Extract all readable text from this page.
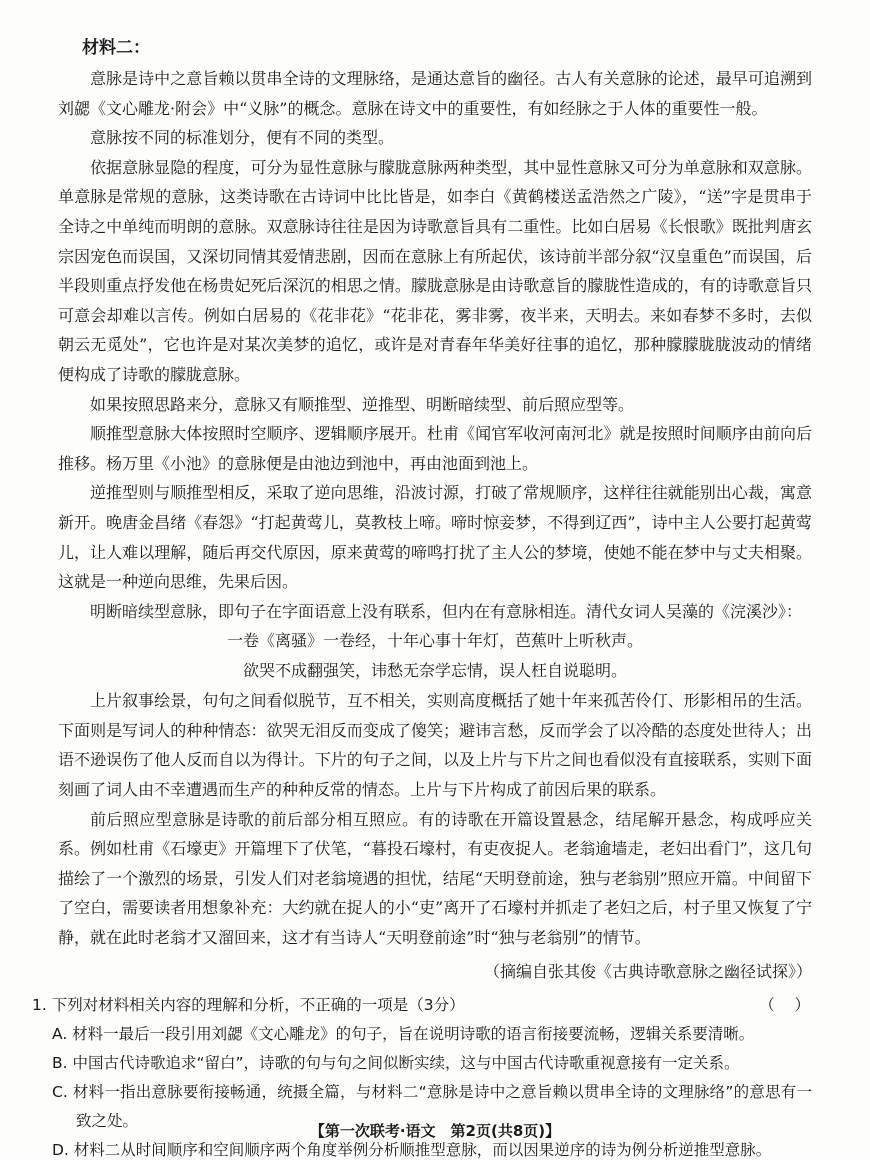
材料二：

意脉是诗中之意旨赖以贯串全诗的文理脉络，是通达意旨的幽径。古人有关意脉的论述，最早可追溯到刘勰《文心雕龙·附会》中“义脉”的概念。意脉在诗文中的重要性，有如经脉之于人体的重要性一般。

意脉按不同的标准划分，便有不同的类型。

依据意脉显隐的程度，可分为显性意脉与朦胧意脉两种类型，其中显性意脉又可分为单意脉和双意脉。单意脉是常规的意脉，这类诗歌在古诗词中比比皆是，如李白《黄鹤楼送孟浩然之广陵》，“送”字是贯串于全诗之中单纯而明朗的意脉。双意脉诗往往是因为诗歌意旨具有二重性。比如白居易《长恨歌》既批判唐玄宗因宠色而误国，又深切同情其爱情悲剧，因而在意脉上有所起伏，该诗前半部分叙“汉皇重色”而误国，后半段则重点抒发他在杨贵妃死后深沉的相思之情。朦胧意脉是由诗歌意旨的朦胧性造成的，有的诗歌意旨只可意会却难以言传。例如白居易的《花非花》“花非花，雾非雾，夜半来，天明去。来如春梦不多时，去似朝云无觅处”，它也许是对某次美梦的追忆，或许是对青春年华美好往事的追忆，那种朦朦胧胧波动的情绪便构成了诗歌的朦胧意脉。

如果按照思路来分，意脉又有顺推型、逆推型、明断暗续型、前后照应型等。

顺推型意脉大体按照时空顺序、逻辑顺序展开。杜甫《闻官军收河南河北》就是按照时间顺序由前向后推移。杨万里《小池》的意脉便是由池边到池中，再由池面到池上。

逆推型则与顺推型相反，采取了逆向思维，沿波讨源，打破了常规顺序，这样往往就能别出心裁，寓意新开。晚唐金昌绪《春怨》“打起黄莺儿，莫教枝上啼。啼时惊妾梦，不得到辽西”，诗中主人公要打起黄莺儿，让人难以理解，随后再交代原因，原来黄莺的啼鸣打扰了主人公的梦境，使她不能在梦中与丈夫相聚。这就是一种逆向思维，先果后因。

明断暗续型意脉，即句子在字面语意上没有联系，但内在有意脉相连。清代女词人吴藻的《浣溪沙》：

一卷《离骚》一卷经，十年心事十年灯，芭蕉叶上听秋声。

欲哭不成翻强笑，讳愁无奈学忘情，误人枉自说聪明。

上片叙事绘景，句句之间看似脱节，互不相关，实则高度概括了她十年来孤苦伶仃、形影相吊的生活。下面则是写词人的种种情态：欲哭无泪反而变成了傻笑；避讳言愁，反而学会了以冷酷的态度处世待人；出语不逊误伤了他人反而自以为得计。下片的句子之间，以及上片与下片之间也看似没有直接联系，实则下面刻画了词人由不幸遭遇而生产的种种反常的情态。上片与下片构成了前因后果的联系。

前后照应型意脉是诗歌的前后部分相互照应。有的诗歌在开篇设置悬念，结尾解开悬念，构成呼应关系。例如杜甫《石壕吏》开篇埋下了伏笔，“暮投石壕村，有吏夜捉人。老翁逾墙走，老妇出看门”，这几句描绘了一个激烈的场景，引发人们对老翁境遇的担忧，结尾“天明登前途，独与老翁别”照应开篇。中间留下了空白，需要读者用想象补充：大约就在捉人的小“吏”离开了石壕村并抓走了老妇之后，村子里又恢复了宁静，就在此时老翁才又溜回来，这才有当诗人“天明登前途”时“独与老翁别”的情节。

（摘编自张其俊《古典诗歌意脉之幽径试探》）

1. 下列对材料相关内容的理解和分析，不正确的一项是（3分）	（    ）

A. 材料一最后一段引用刘勰《文心雕龙》的句子，旨在说明诗歌的语言衔接要流畅，逻辑关系要清晰。

B. 中国古代诗歌追求“留白”，诗歌的句与句之间似断实续，这与中国古代诗歌重视意接有一定关系。

C. 材料一指出意脉要衔接畅通，统摄全篇，与材料二“意脉是诗中之意旨赖以贯串全诗的文理脉络”的意思有一致之处。

D. 材料二从时间顺序和空间顺序两个角度举例分析顺推型意脉，而以因果逆序的诗为例分析逆推型意脉。

【第一次联考·语文　第2页(共8页)】
